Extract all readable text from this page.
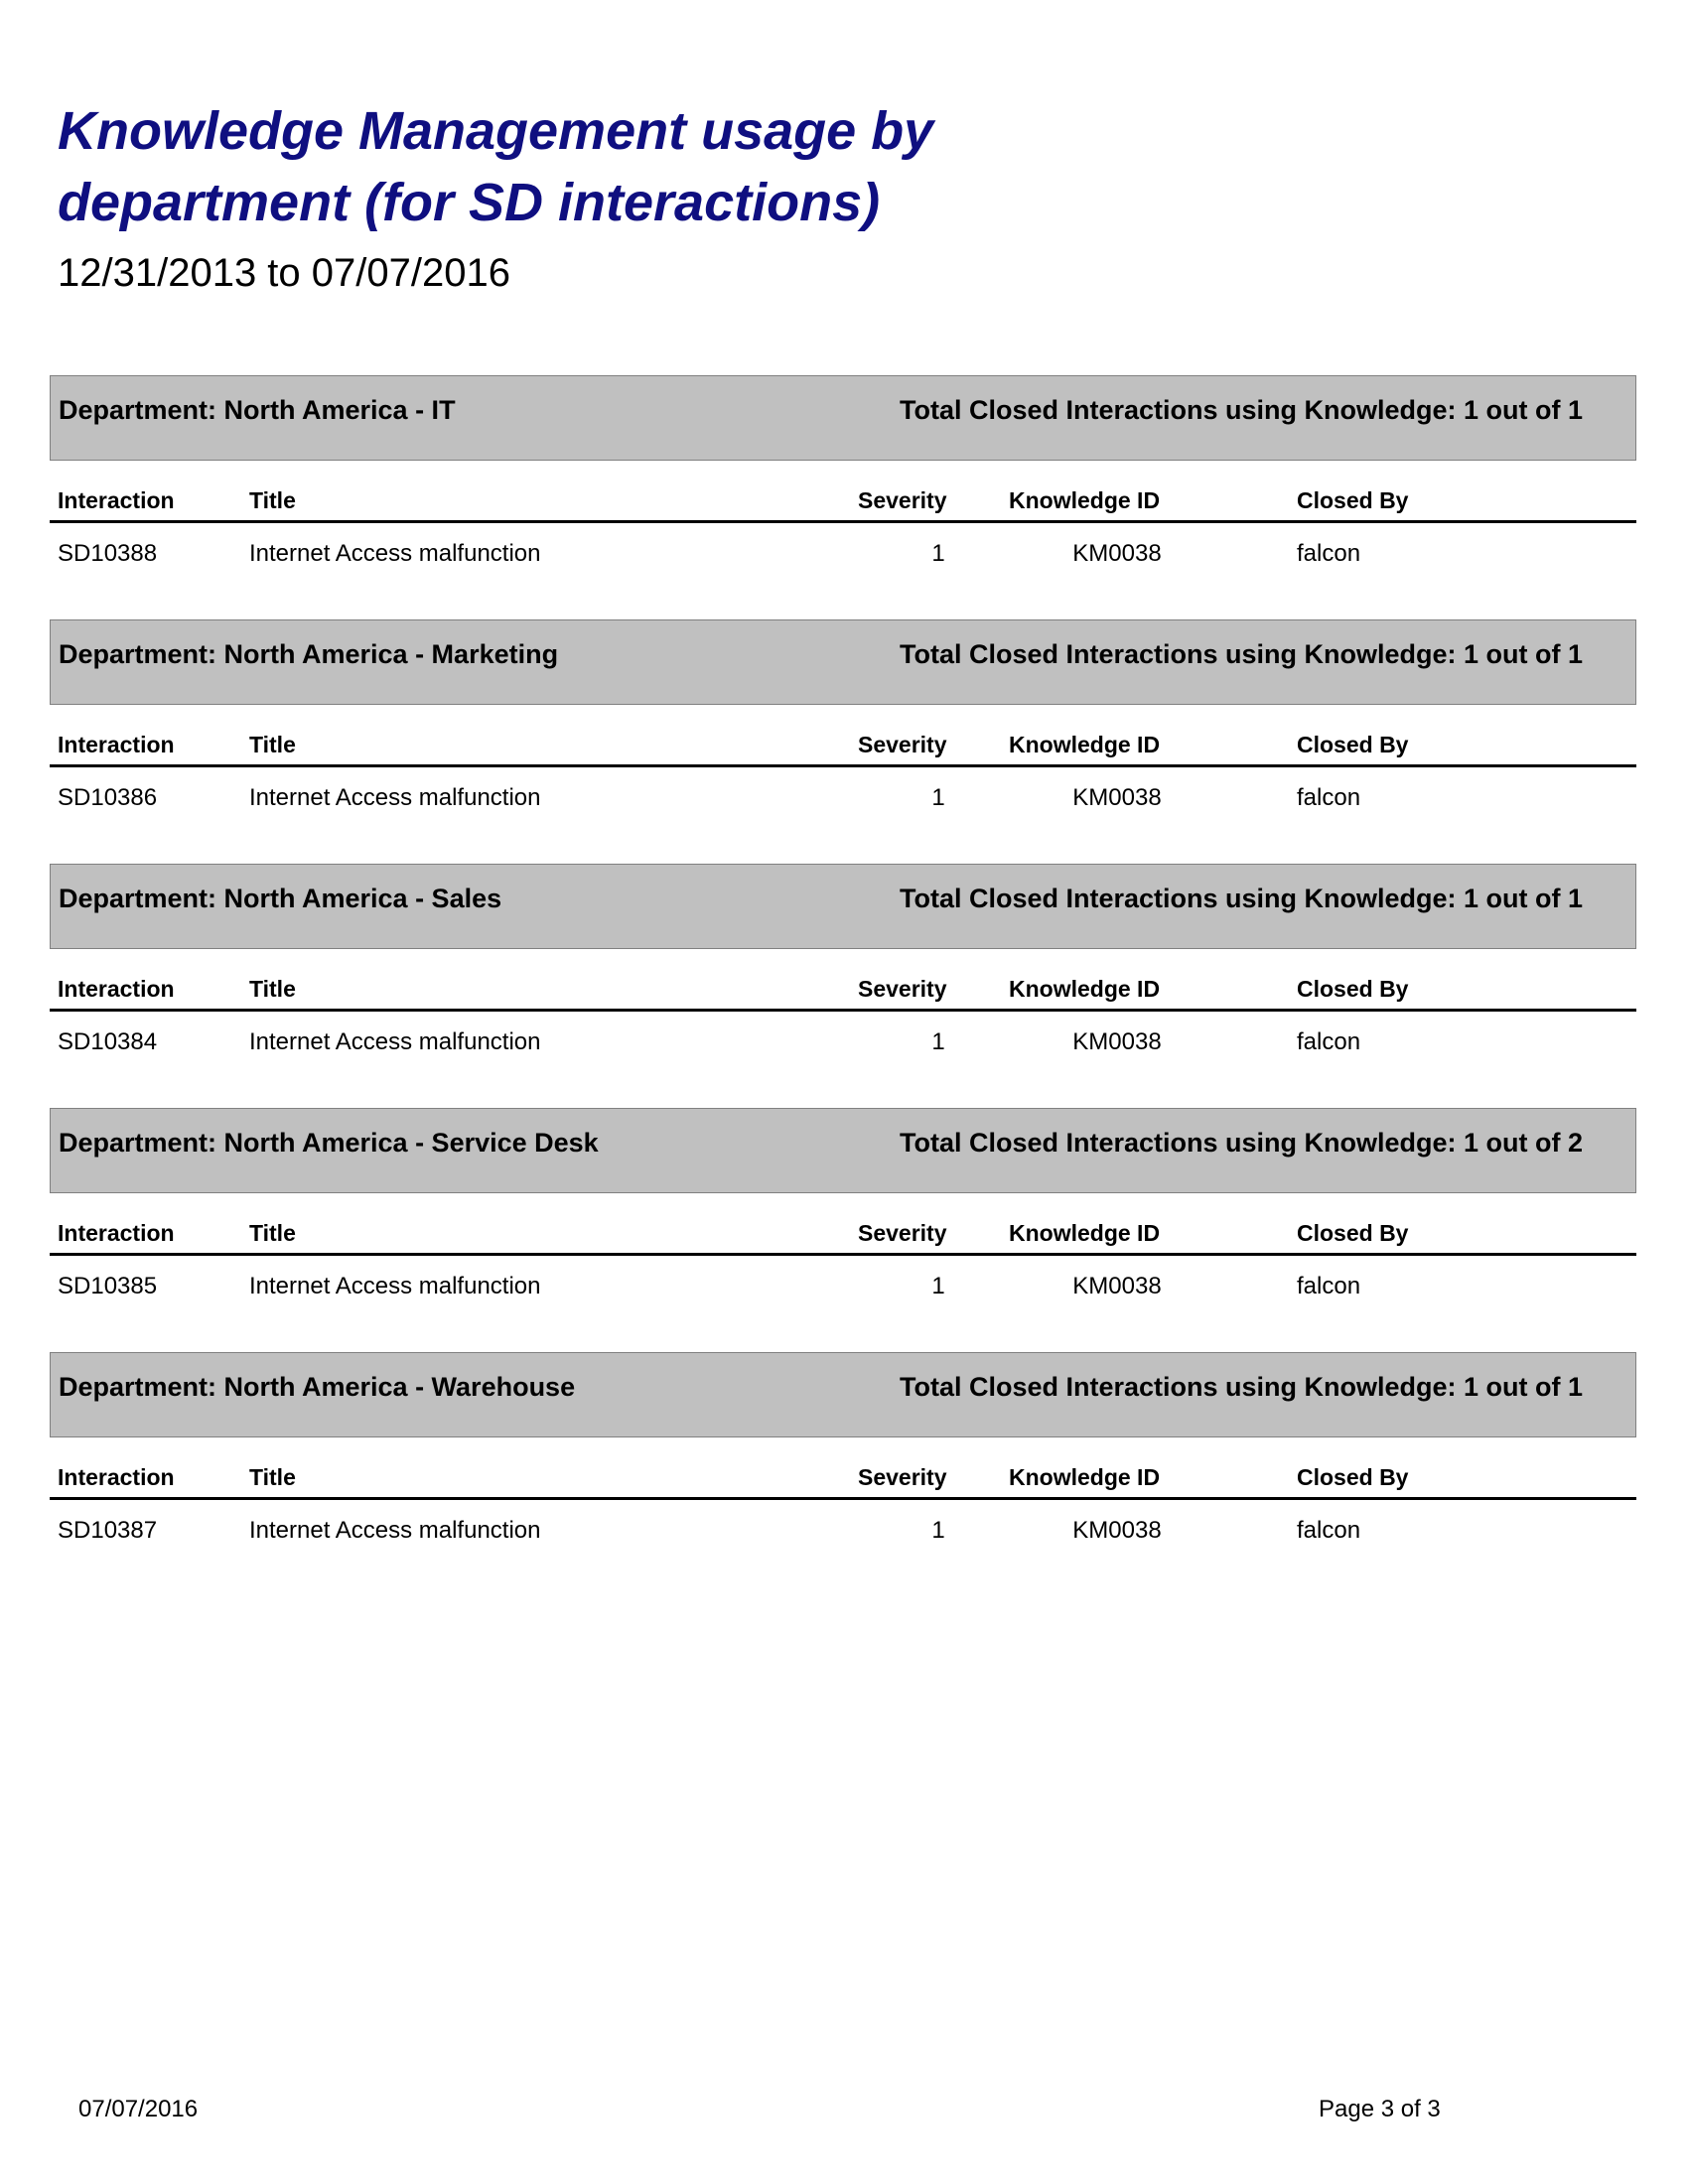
Knowledge Management usage by department (for SD interactions)
12/31/2013 to 07/07/2016
Department: North America - IT	Total Closed Interactions using Knowledge: 1 out of 1
Interaction	Title	Severity	Knowledge ID	Closed By
SD10388	Internet Access malfunction	1	KM0038	falcon
Department: North America - Marketing	Total Closed Interactions using Knowledge: 1 out of 1
Interaction	Title	Severity	Knowledge ID	Closed By
SD10386	Internet Access malfunction	1	KM0038	falcon
Department: North America - Sales	Total Closed Interactions using Knowledge: 1 out of 1
Interaction	Title	Severity	Knowledge ID	Closed By
SD10384	Internet Access malfunction	1	KM0038	falcon
Department: North America - Service Desk	Total Closed Interactions using Knowledge: 1 out of 2
Interaction	Title	Severity	Knowledge ID	Closed By
SD10385	Internet Access malfunction	1	KM0038	falcon
Department: North America - Warehouse	Total Closed Interactions using Knowledge: 1 out of 1
Interaction	Title	Severity	Knowledge ID	Closed By
SD10387	Internet Access malfunction	1	KM0038	falcon
07/07/2016	Page 3 of 3
